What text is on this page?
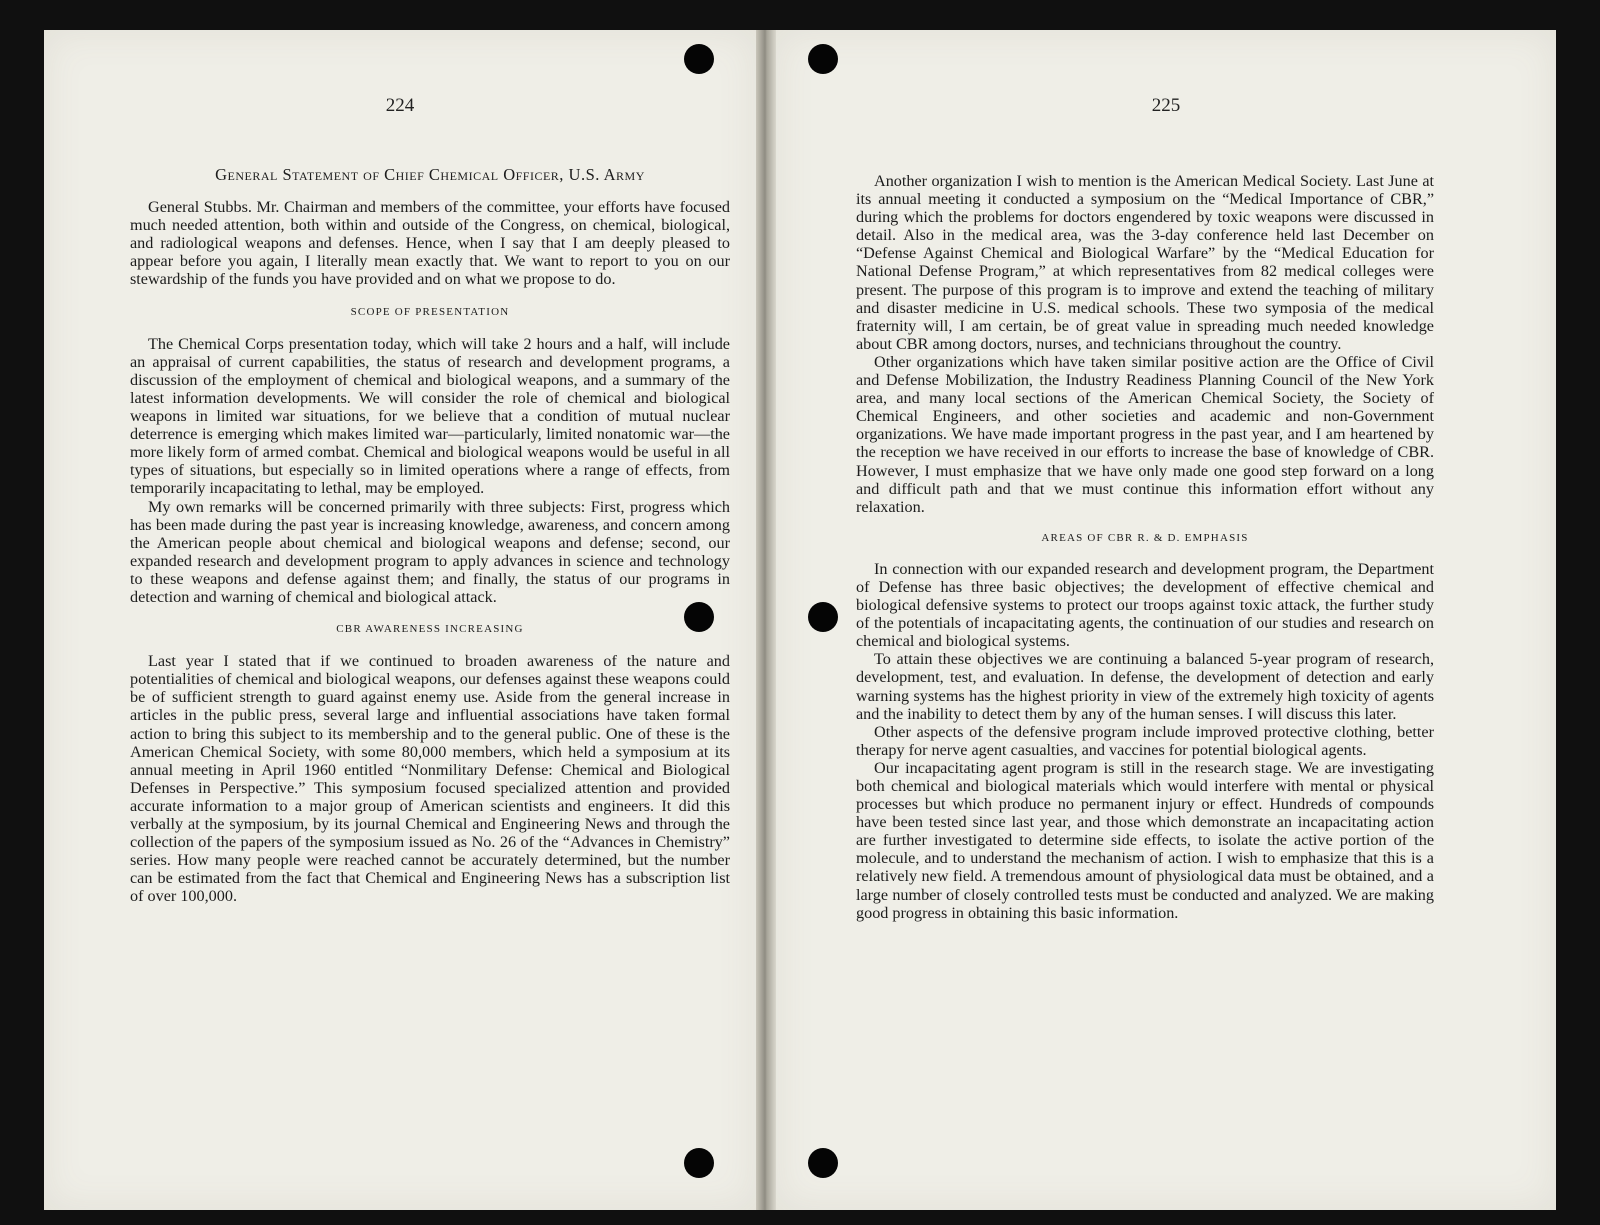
224
General Statement of Chief Chemical Officer, U.S. Army

General Stubbs. Mr. Chairman and members of the committee, your efforts have focused much needed attention, both within and outside of the Congress, on chemical, biological, and radiological weapons and defenses. Hence, when I say that I am deeply pleased to appear before you again, I literally mean exactly that. We want to report to you on our stewardship of the funds you have provided and on what we propose to do.

SCOPE OF PRESENTATION

The Chemical Corps presentation today, which will take 2 hours and a half, will include an appraisal of current capabilities, the status of research and development programs, a discussion of the employment of chemical and biological weapons, and a summary of the latest information developments. We will consider the role of chemical and biological weapons in limited war situations, for we believe that a condition of mutual nuclear deterrence is emerging which makes limited war—particularly, limited nonatomic war—the more likely form of armed combat. Chemical and biological weapons would be useful in all types of situations, but especially so in limited operations where a range of effects, from temporarily incapacitating to lethal, may be employed.

My own remarks will be concerned primarily with three subjects: First, progress which has been made during the past year is increasing knowledge, awareness, and concern among the American people about chemical and biological weapons and defense; second, our expanded research and development program to apply advances in science and technology to these weapons and defense against them; and finally, the status of our programs in detection and warning of chemical and biological attack.

CBR AWARENESS INCREASING

Last year I stated that if we continued to broaden awareness of the nature and potentialities of chemical and biological weapons, our defenses against these weapons could be of sufficient strength to guard against enemy use. Aside from the general increase in articles in the public press, several large and influential associations have taken formal action to bring this subject to its membership and to the general public. One of these is the American Chemical Society, with some 80,000 members, which held a symposium at its annual meeting in April 1960 entitled “Nonmilitary Defense: Chemical and Biological Defenses in Perspective.” This symposium focused specialized attention and provided accurate information to a major group of American scientists and engineers. It did this verbally at the symposium, by its journal Chemical and Engineering News and through the collection of the papers of the symposium issued as No. 26 of the “Advances in Chemistry” series. How many people were reached cannot be accurately determined, but the number can be estimated from the fact that Chemical and Engineering News has a subscription list of over 100,000.

225

Another organization I wish to mention is the American Medical Society. Last June at its annual meeting it conducted a symposium on the “Medical Importance of CBR,” during which the problems for doctors engendered by toxic weapons were discussed in detail. Also in the medical area, was the 3-day conference held last December on “Defense Against Chemical and Biological Warfare” by the “Medical Education for National Defense Program,” at which representatives from 82 medical colleges were present. The purpose of this program is to improve and extend the teaching of military and disaster medicine in U.S. medical schools. These two symposia of the medical fraternity will, I am certain, be of great value in spreading much needed knowledge about CBR among doctors, nurses, and technicians throughout the country.

Other organizations which have taken similar positive action are the Office of Civil and Defense Mobilization, the Industry Readiness Planning Council of the New York area, and many local sections of the American Chemical Society, the Society of Chemical Engineers, and other societies and academic and non-Government organizations. We have made important progress in the past year, and I am heartened by the reception we have received in our efforts to increase the base of knowledge of CBR. However, I must emphasize that we have only made one good step forward on a long and difficult path and that we must continue this information effort without any relaxation.

AREAS OF CBR R. & D. EMPHASIS

In connection with our expanded research and development program, the Department of Defense has three basic objectives; the development of effective chemical and biological defensive systems to protect our troops against toxic attack, the further study of the potentials of incapacitating agents, the continuation of our studies and research on chemical and biological systems.

To attain these objectives we are continuing a balanced 5-year program of research, development, test, and evaluation. In defense, the development of detection and early warning systems has the highest priority in view of the extremely high toxicity of agents and the inability to detect them by any of the human senses. I will discuss this later.

Other aspects of the defensive program include improved protective clothing, better therapy for nerve agent casualties, and vaccines for potential biological agents.

Our incapacitating agent program is still in the research stage. We are investigating both chemical and biological materials which would interfere with mental or physical processes but which produce no permanent injury or effect. Hundreds of compounds have been tested since last year, and those which demonstrate an incapacitating action are further investigated to determine side effects, to isolate the active portion of the molecule, and to understand the mechanism of action. I wish to emphasize that this is a relatively new field. A tremendous amount of physiological data must be obtained, and a large number of closely controlled tests must be conducted and analyzed. We are making good progress in obtaining this basic information.
